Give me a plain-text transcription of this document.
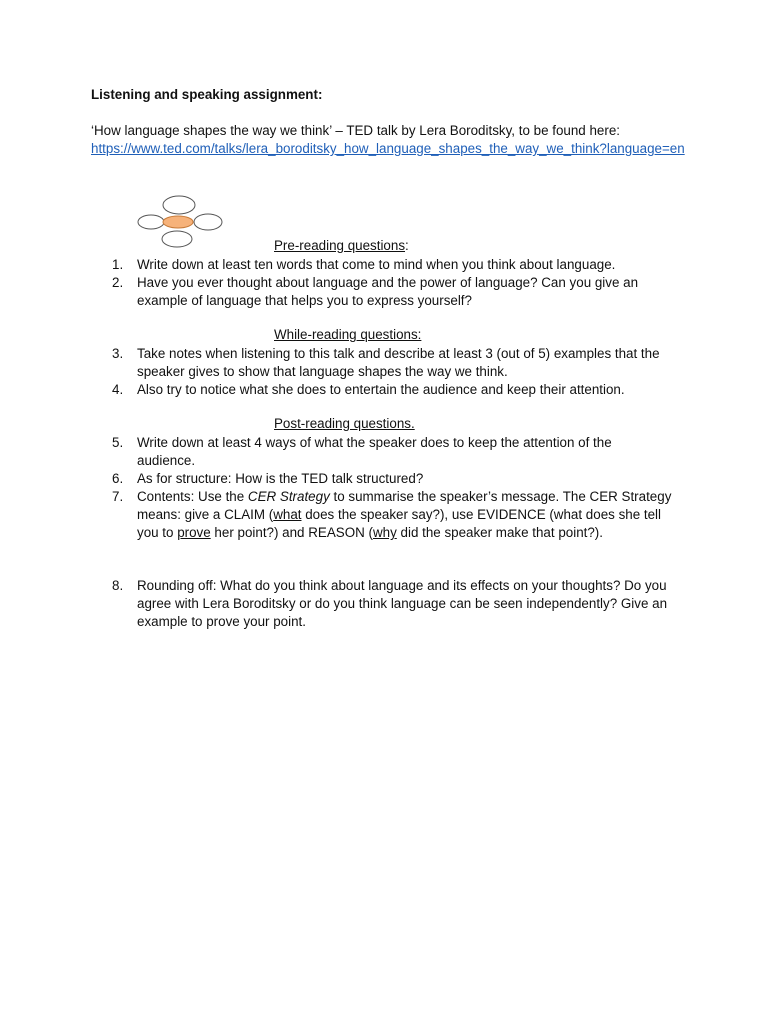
Listening and speaking assignment:
‘How language shapes the way we think’ – TED talk by Lera Boroditsky, to be found here:
https://www.ted.com/talks/lera_boroditsky_how_language_shapes_the_way_we_think?language=en
Pre-reading questions:
1.	Write down at least ten words that come to mind when you think about language.
2.	Have you ever thought about language and the power of language? Can you give an example of language that helps you to express yourself?
While-reading questions:
3.	Take notes when listening to this talk and describe at least 3 (out of 5) examples that the speaker gives to show that language shapes the way we think.
4.	Also try to notice what she does to entertain the audience and keep their attention.
Post-reading questions.
5.	Write down at least 4 ways of what the speaker does to keep the attention of the audience.
6.	As for structure: How is the TED talk structured?
7.	Contents: Use the CER Strategy to summarise the speaker’s message. The CER Strategy means: give a CLAIM (what does the speaker say?), use EVIDENCE (what does she tell you to prove her point?) and REASON (why did the speaker make that point?).
8.	Rounding off: What do you think about language and its effects on your thoughts? Do you agree with Lera Boroditsky or do you think language can be seen independently? Give an example to prove your point.
